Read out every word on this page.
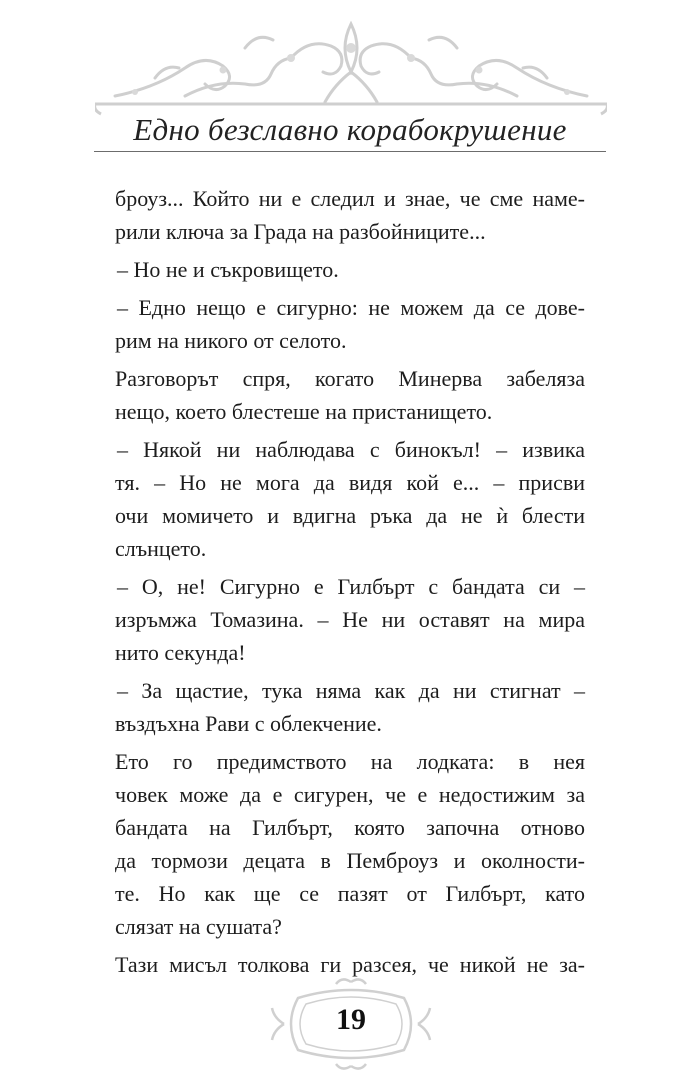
Едно безславно корабокрушение

броуз... Който ни е следил и знае, че сме наме-
рили ключа за Града на разбойниците...

– Но не и съкровището.

– Едно нещо е сигурно: не можем да се дове-
рим на никого от селото.

Разговорът спря, когато Минерва забеляза
нещо, което блестеше на пристанището.

– Някой ни наблюдава с бинокъл! – извика
тя. – Но не мога да видя кой е... – присви
очи момичето и вдигна ръка да не ѝ блести
слънцето.

– О, не! Сигурно е Гилбърт с бандата си –
изръмжа Томазина. – Не ни оставят на мира
нито секунда!

– За щастие, тука няма как да ни стигнат –
въздъхна Рави с облекчение.

Ето го предимството на лодката: в нея
човек може да е сигурен, че е недостижим за
бандата на Гилбърт, която започна отново
да тормози децата в Пемброуз и околности-
те. Но как ще се пазят от Гилбърт, като
слязат на сушата?

Тази мисъл толкова ги разсея, че никой не за-

19
